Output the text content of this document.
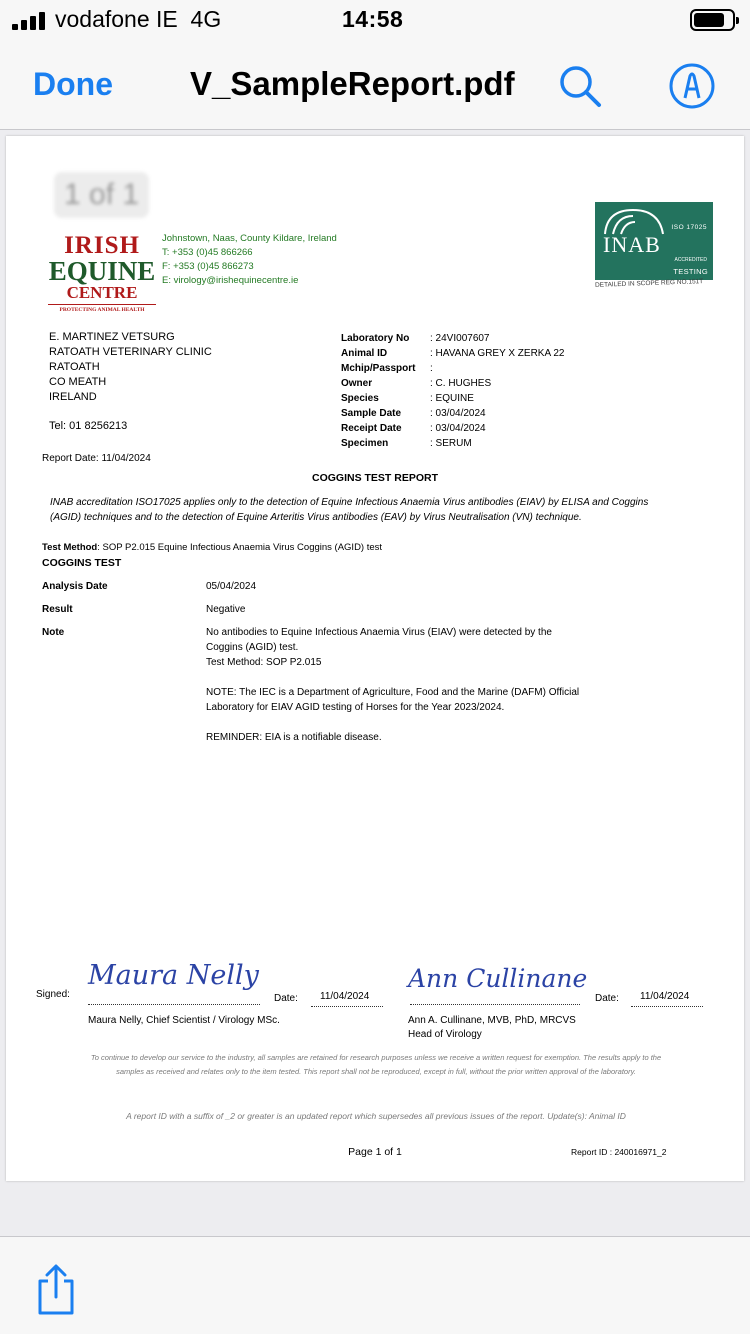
vodafone IE 4G	14:58
Done V_SampleReport.pdf
1 of 1
IRISH
EQUINE
CENTRE
PROTECTING ANIMAL HEALTH
Johnstown, Naas, County Kildare, Ireland
T: +353 (0)45 866266
F: +353 (0)45 866273
E: virology@irishequinecentre.ie
ISO 17025
INAB
ACCREDITED
TESTING
DETAILED IN SCOPE REG NO.151T
E. MARTINEZ VETSURG
RATOATH VETERINARY CLINIC
RATOATH
CO MEATH
IRELAND
Tel: 01 8256213
Laboratory No	: 24VI007607
Animal ID	: HAVANA GREY X ZERKA 22
Mchip/Passport	:
Owner	: C. HUGHES
Species	: EQUINE
Sample Date	: 03/04/2024
Receipt Date	: 03/04/2024
Specimen	: SERUM
Report Date: 11/04/2024
COGGINS TEST REPORT
INAB accreditation ISO17025 applies only to the detection of Equine Infectious Anaemia Virus antibodies (EIAV) by ELISA and Coggins (AGID) techniques and to the detection of Equine Arteritis Virus antibodies (EAV) by Virus Neutralisation (VN) technique.
Test Method: SOP P2.015 Equine Infectious Anaemia Virus Coggins (AGID) test
COGGINS TEST
Analysis Date	05/04/2024
Result	Negative
Note	No antibodies to Equine Infectious Anaemia Virus (EIAV) were detected by the Coggins (AGID) test.

Test Method: SOP P2.015

NOTE: The IEC is a Department of Agriculture, Food and the Marine (DAFM) Official Laboratory for EIAV AGID testing of Horses for the Year 2023/2024.

REMINDER: EIA is a notifiable disease.

Signed:
Maura Nelly
Date: 11/04/2024
Maura Nelly, Chief Scientist / Virology MSc.
Ann Cullinane
Date: 11/04/2024
Ann A. Cullinane, MVB, PhD, MRCVS
Head of Virology
To continue to develop our service to the industry, all samples are retained for research purposes unless we receive a written request for exemption. The results apply to the samples as received and relates only to the item tested. This report shall not be reproduced, except in full, without the prior written approval of the laboratory.
A report ID with a suffix of _2 or greater is an updated report which supersedes all previous issues of the report. Update(s): Animal ID
Page 1 of 1	Report ID : 240016971_2
